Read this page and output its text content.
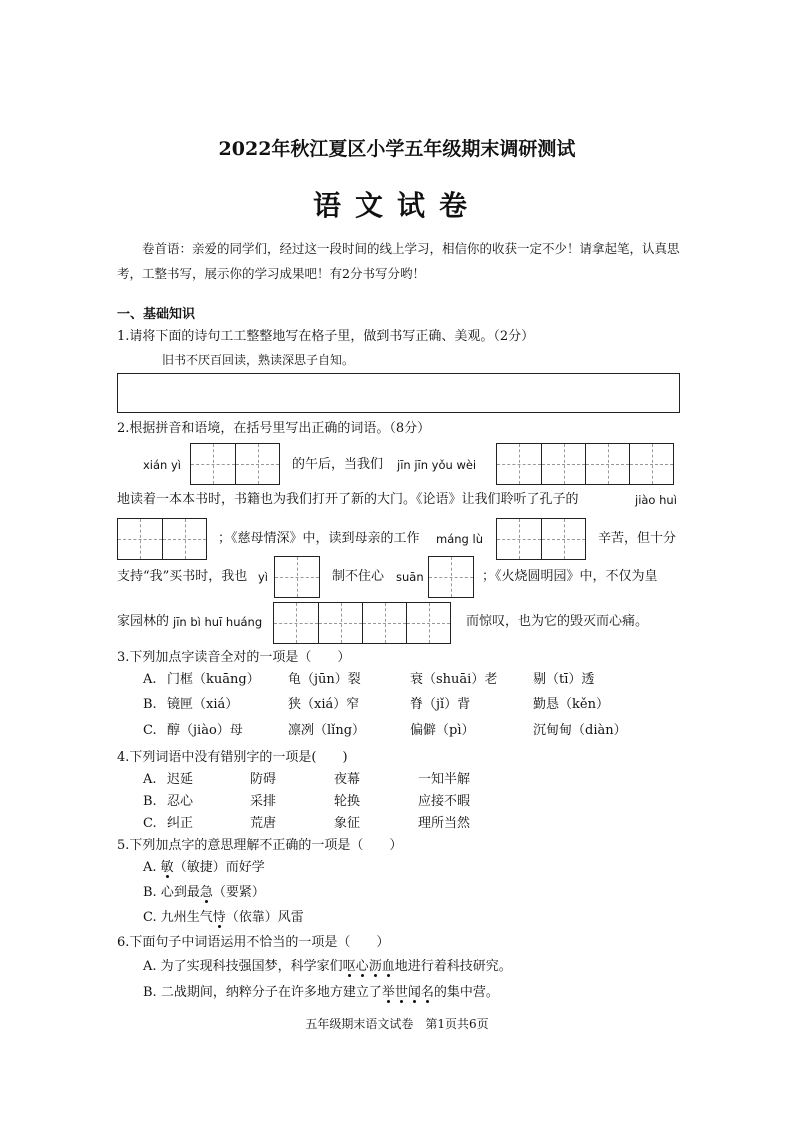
2022年秋江夏区小学五年级期末调研测试
语文试卷
卷首语：亲爱的同学们，经过这一段时间的线上学习，相信你的收获一定不少！请拿起笔，认真思考，工整书写，展示你的学习成果吧！有2分书写分哟！
一、基础知识
1.请将下面的诗句工工整整地写在格子里，做到书写正确、美观。（2分）
旧书不厌百回读，熟读深思子自知。
2.根据拼音和语境，在括号里写出正确的词语。（8分）
xián yì	的午后，当我们 jīn jīn yǒu wèi
地读着一本本书时，书籍也为我们打开了新的大门。《论语》让我们聆听了孔子的	jiào huì
；《慈母情深》中，读到母亲的工作 máng lù	辛苦，但十分
支持“我”买书时，我也 yì	制不住心 suān	；《火烧圆明园》中，不仅为皇
家园林的 jīn bì huī huáng	而惊叹，也为它的毁灭而心痛。
3.下列加点字读音全对的一项是（　　）
A. 门框（kuāng） 龟（jūn）裂	衰（shuāi）老	剔（tī）透
B. 镜匣（xiá）	狭（xiá）窄	脊（jǐ）背	勤恳（kěn）
C. 醇（jiào）母	凛冽（lǐng）	偏僻（pì）	沉甸甸（diàn）
4.下列词语中没有错别字的一项是(　　)
A. 迟延	防碍	夜幕	一知半解
B. 忍心	采排	轮换	应接不暇
C. 纠正	荒唐	象征	理所当然
5.下列加点字的意思理解不正确的一项是（　　）
A. 敏（敏捷）而好学
B. 心到最急（要紧）
C. 九州生气恃（依靠）风雷
6.下面句子中词语运用不恰当的一项是（　　）
A. 为了实现科技强国梦，科学家们呕心沥血地进行着科技研究。
B. 二战期间，纳粹分子在许多地方建立了举世闻名的集中营。
五年级期末语文试卷　第1页共6页
